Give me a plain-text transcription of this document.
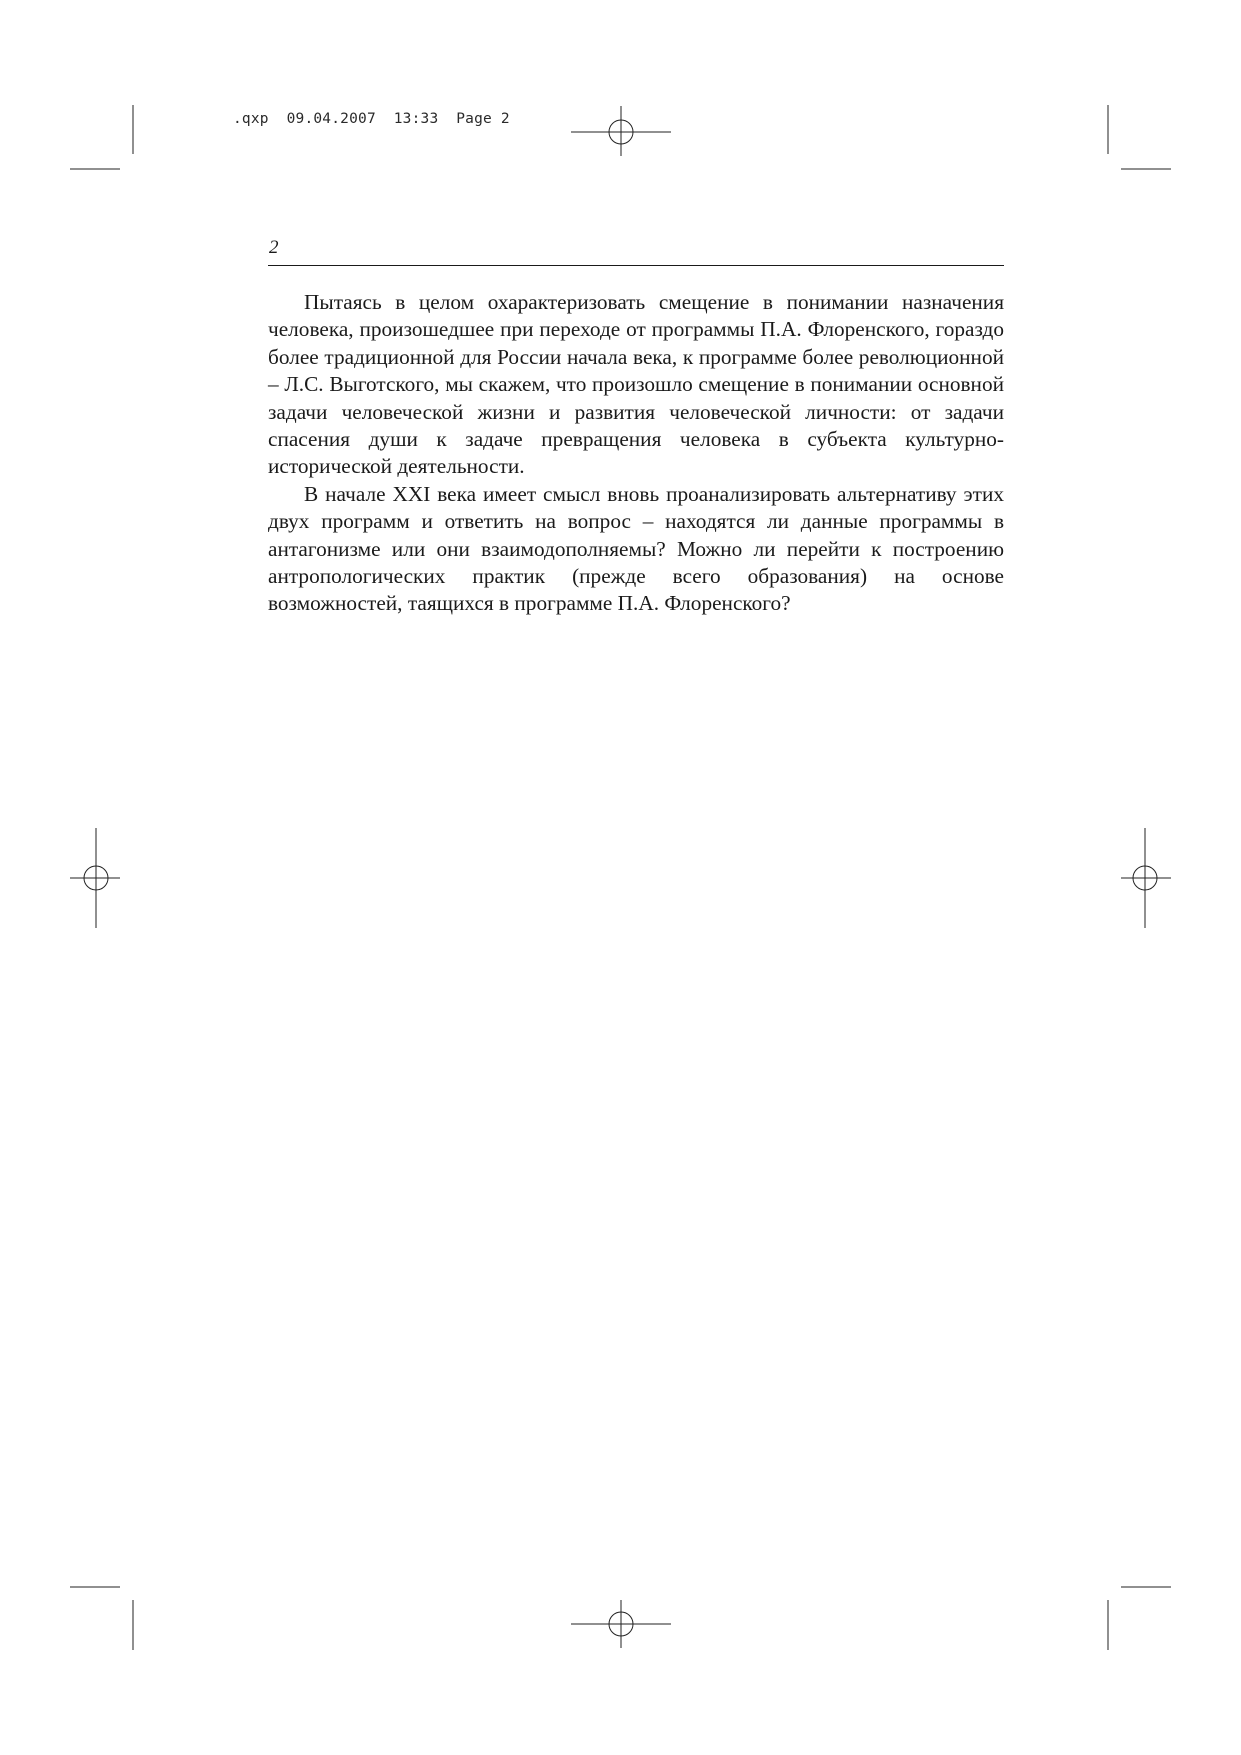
.qxp  09.04.2007  13:33  Page 2
2

Пытаясь в целом охарактеризовать смещение в понимании назначения человека, произошедшее при переходе от программы П.А. Флоренского, гораздо более традиционной для России начала века, к программе более революционной – Л.С. Выготского, мы скажем, что произошло смещение в понимании основной задачи человеческой жизни и развития человеческой личности: от задачи спасения души к задаче превращения человека в субъекта культурно-исторической деятельности.

В начале XXI века имеет смысл вновь проанализировать альтернативу этих двух программ и ответить на вопрос – находятся ли данные программы в антагонизме или они взаимодополняемы? Можно ли перейти к построению антропологических практик (прежде всего образования) на основе возможностей, таящихся в программе П.А. Флоренского?
